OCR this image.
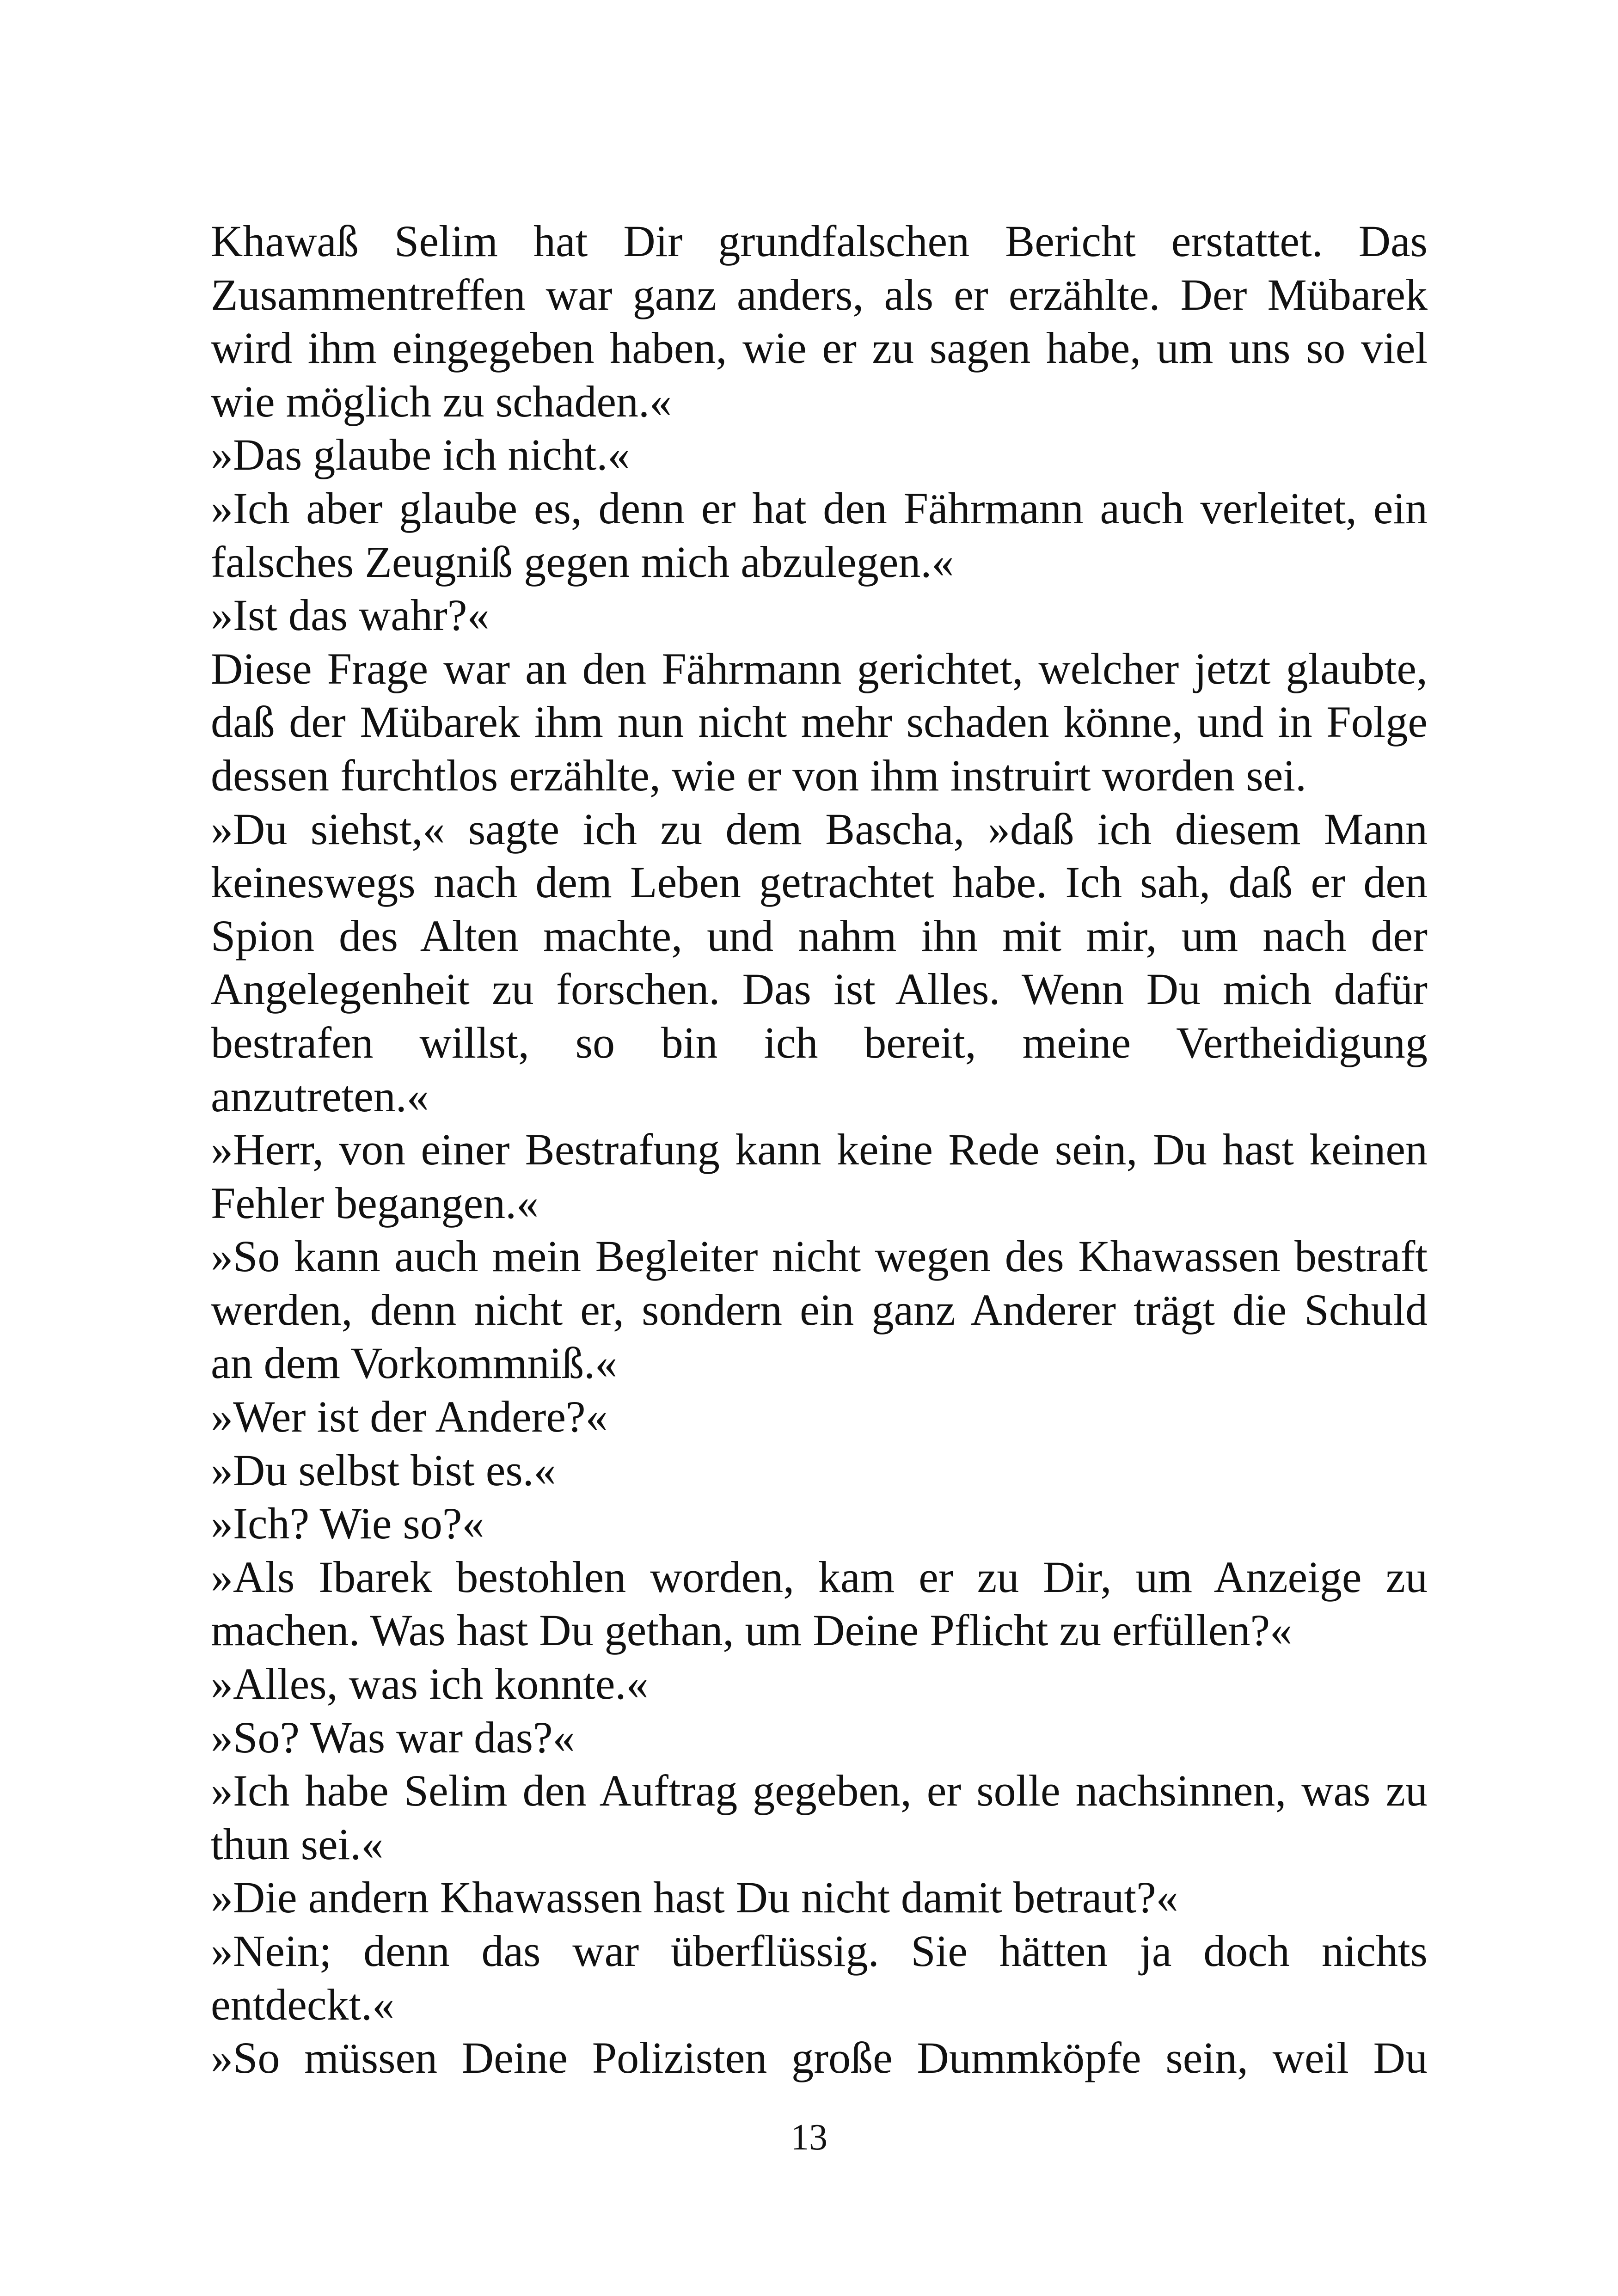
Khawaß Selim hat Dir grundfalschen Bericht erstattet. Das
Zusammentreffen war ganz anders, als er erzählte. Der Mübarek
wird ihm eingegeben haben, wie er zu sagen habe, um uns so viel
wie möglich zu schaden.«
»Das glaube ich nicht.«
»Ich aber glaube es, denn er hat den Fährmann auch verleitet, ein
falsches Zeugniß gegen mich abzulegen.«
»Ist das wahr?«
Diese Frage war an den Fährmann gerichtet, welcher jetzt glaubte,
daß der Mübarek ihm nun nicht mehr schaden könne, und in Folge
dessen furchtlos erzählte, wie er von ihm instruirt worden sei.
»Du siehst,« sagte ich zu dem Bascha, »daß ich diesem Mann
keineswegs nach dem Leben getrachtet habe. Ich sah, daß er den
Spion des Alten machte, und nahm ihn mit mir, um nach der
Angelegenheit zu forschen. Das ist Alles. Wenn Du mich dafür
bestrafen willst, so bin ich bereit, meine Vertheidigung
anzutreten.«
»Herr, von einer Bestrafung kann keine Rede sein, Du hast keinen
Fehler begangen.«
»So kann auch mein Begleiter nicht wegen des Khawassen bestraft
werden, denn nicht er, sondern ein ganz Anderer trägt die Schuld
an dem Vorkommniß.«
»Wer ist der Andere?«
»Du selbst bist es.«
»Ich? Wie so?«
»Als Ibarek bestohlen worden, kam er zu Dir, um Anzeige zu
machen. Was hast Du gethan, um Deine Pflicht zu erfüllen?«
»Alles, was ich konnte.«
»So? Was war das?«
»Ich habe Selim den Auftrag gegeben, er solle nachsinnen, was zu
thun sei.«
»Die andern Khawassen hast Du nicht damit betraut?«
»Nein; denn das war überflüssig. Sie hätten ja doch nichts
entdeckt.«
»So müssen Deine Polizisten große Dummköpfe sein, weil Du
13
